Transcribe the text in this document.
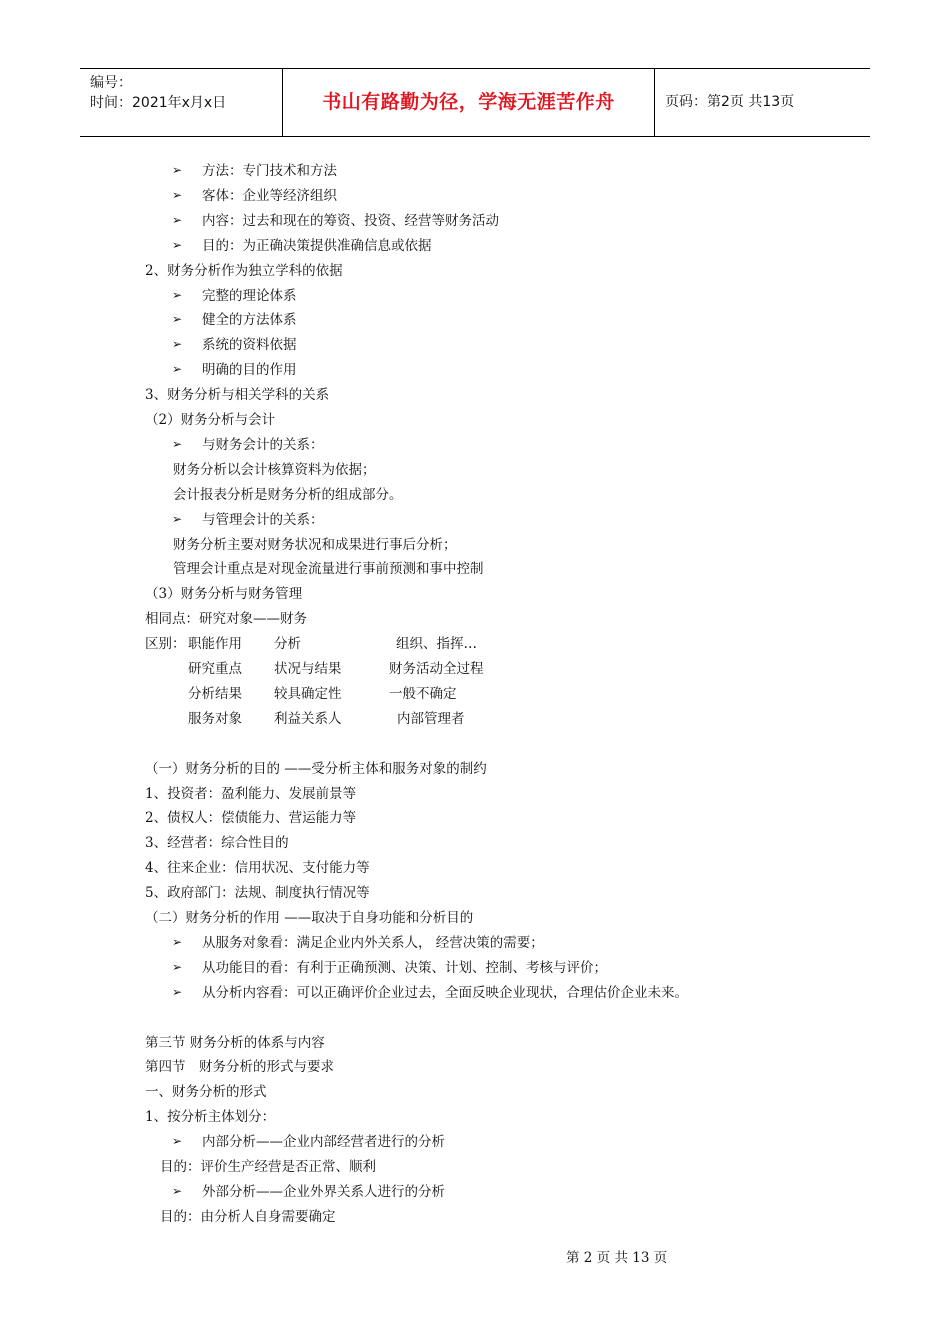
编号：
时间：2021年x月x日	书山有路勤为径，学海无涯苦作舟	页码：第2页 共13页
➢ 方法：专门技术和方法
➢ 客体：企业等经济组织
➢ 内容：过去和现在的筹资、投资、经营等财务活动
➢ 目的：为正确决策提供准确信息或依据
2、财务分析作为独立学科的依据
➢ 完整的理论体系
➢ 健全的方法体系
➢ 系统的资料依据
➢ 明确的目的作用
3、财务分析与相关学科的关系
（2）财务分析与会计
➢ 与财务会计的关系：
财务分析以会计核算资料为依据；
会计报表分析是财务分析的组成部分。
➢ 与管理会计的关系：
财务分析主要对财务状况和成果进行事后分析；
管理会计重点是对现金流量进行事前预测和事中控制
（3）财务分析与财务管理
相同点：研究对象——财务
区别： 职能作用 分析	组织、指挥…
研究重点 状况与结果	财务活动全过程
分析结果 较具确定性	一般不确定
服务对象 利益关系人	内部管理者
（一）财务分析的目的 ——受分析主体和服务对象的制约
1、投资者：盈利能力、发展前景等
2、债权人：偿债能力、营运能力等
3、经营者：综合性目的
4、往来企业：信用状况、支付能力等
5、政府部门：法规、制度执行情况等
（二）财务分析的作用 ——取决于自身功能和分析目的
➢ 从服务对象看：满足企业内外关系人， 经营决策的需要；
➢ 从功能目的看：有利于正确预测、决策、计划、控制、考核与评价；
➢ 从分析内容看：可以正确评价企业过去，全面反映企业现状，合理估价企业未来。
第三节 财务分析的体系与内容
第四节　财务分析的形式与要求
一、财务分析的形式
1、按分析主体划分：
➢ 内部分析——企业内部经营者进行的分析
目的：评价生产经营是否正常、顺利
➢ 外部分析——企业外界关系人进行的分析
目的：由分析人自身需要确定
第 2 页 共 13 页
